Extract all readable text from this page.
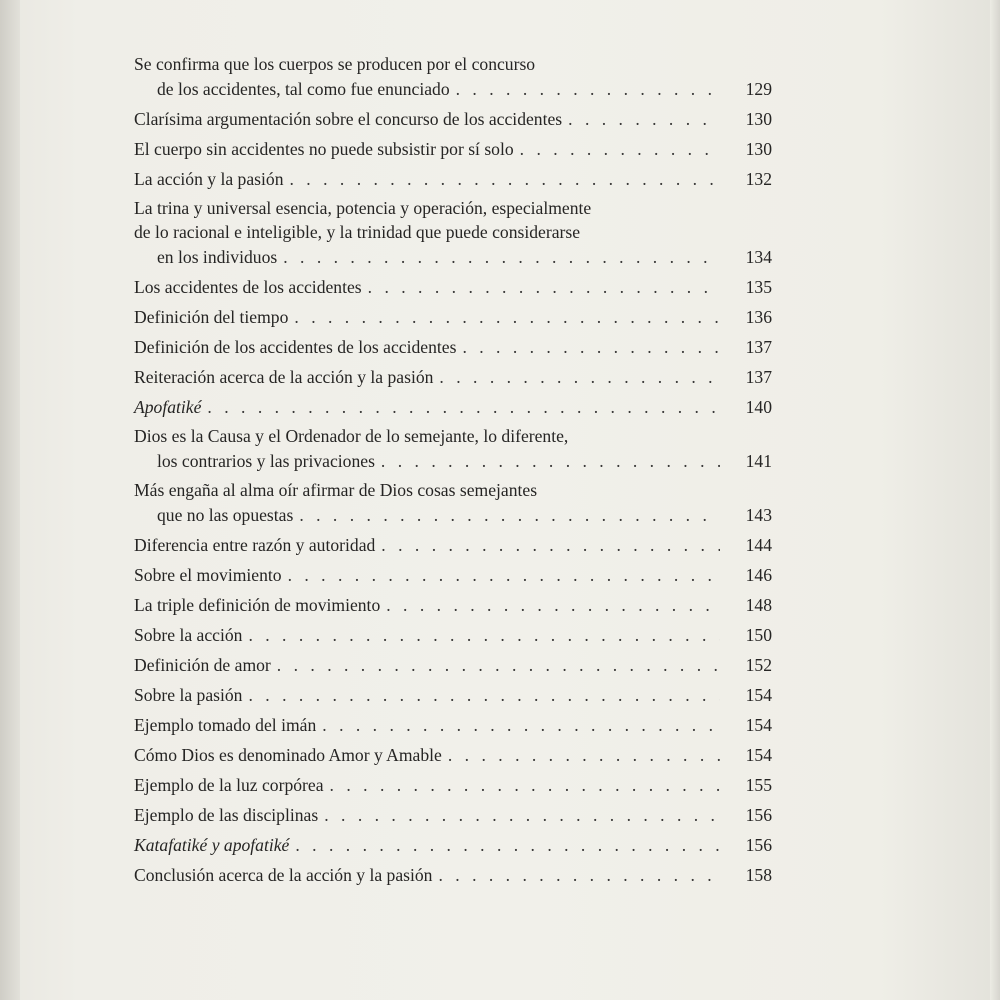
Se confirma que los cuerpos se producen por el concurso
de los accidentes, tal como fue enunciado . . .	129
Clarísima argumentación sobre el concurso de los accidentes . . .	130
El cuerpo sin accidentes no puede subsistir por sí solo . . .	130
La acción y la pasión . . .	132
La trina y universal esencia, potencia y operación, especialmente
de lo racional e inteligible, y la trinidad que puede considerarse
en los individuos . . .	134
Los accidentes de los accidentes . . .	135
Definición del tiempo . . .	136
Definición de los accidentes de los accidentes . . .	137
Reiteración acerca de la acción y la pasión . . .	137
Apofatiké . . .	140
Dios es la Causa y el Ordenador de lo semejante, lo diferente,
los contrarios y las privaciones . . .	141
Más engaña al alma oír afirmar de Dios cosas semejantes
que no las opuestas . . .	143
Diferencia entre razón y autoridad . . .	144
Sobre el movimiento . . .	146
La triple definición de movimiento . . .	148
Sobre la acción . . .	150
Definición de amor . . .	152
Sobre la pasión . . .	154
Ejemplo tomado del imán . . .	154
Cómo Dios es denominado Amor y Amable . . .	154
Ejemplo de la luz corpórea . . .	155
Ejemplo de las disciplinas . . .	156
Katafatiké y apofatiké . . .	156
Conclusión acerca de la acción y la pasión . . .	158
